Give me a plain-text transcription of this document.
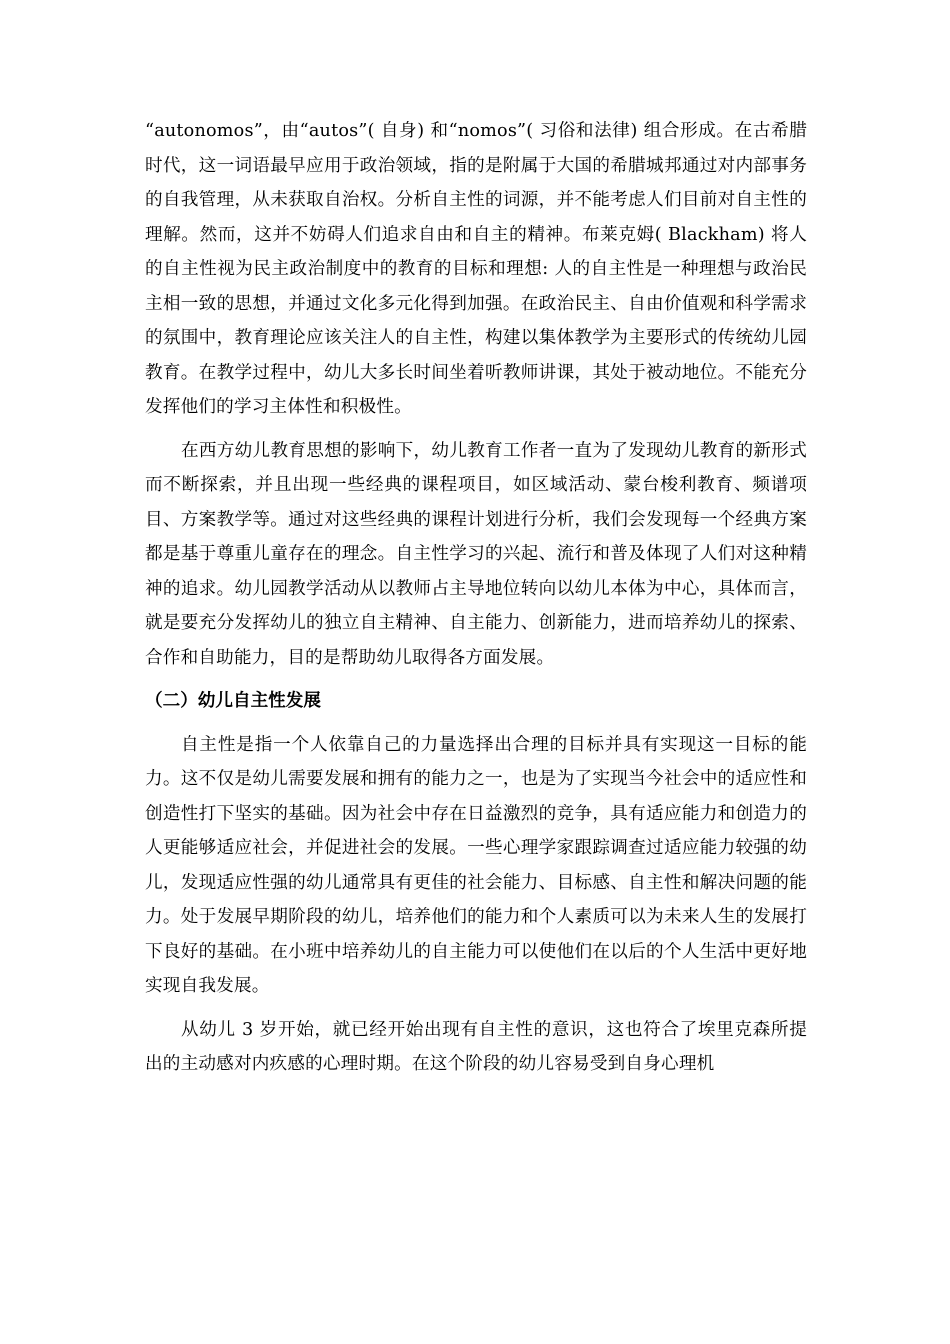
“autonomos”，由“autos”( 自身) 和“nomos”( 习俗和法律) 组合形成。在古希腊时代，这一词语最早应用于政治领域，指的是附属于大国的希腊城邦通过对内部事务的自我管理，从未获取自治权。分析自主性的词源，并不能考虑人们目前对自主性的理解。然而，这并不妨碍人们追求自由和自主的精神。布莱克姆( Blackham) 将人的自主性视为民主政治制度中的教育的目标和理想: 人的自主性是一种理想与政治民主相一致的思想，并通过文化多元化得到加强。在政治民主、自由价值观和科学需求的氛围中，教育理论应该关注人的自主性，构建以集体教学为主要形式的传统幼儿园教育。在教学过程中，幼儿大多长时间坐着听教师讲课，其处于被动地位。不能充分发挥他们的学习主体性和积极性。

在西方幼儿教育思想的影响下，幼儿教育工作者一直为了发现幼儿教育的新形式而不断探索，并且出现一些经典的课程项目，如区域活动、蒙台梭利教育、频谱项目、方案教学等。通过对这些经典的课程计划进行分析，我们会发现每一个经典方案都是基于尊重儿童存在的理念。自主性学习的兴起、流行和普及体现了人们对这种精神的追求。幼儿园教学活动从以教师占主导地位转向以幼儿本体为中心，具体而言，就是要充分发挥幼儿的独立自主精神、自主能力、创新能力，进而培养幼儿的探索、合作和自助能力，目的是帮助幼儿取得各方面发展。

（二）幼儿自主性发展

自主性是指一个人依靠自己的力量选择出合理的目标并具有实现这一目标的能力。这不仅是幼儿需要发展和拥有的能力之一，也是为了实现当今社会中的适应性和创造性打下坚实的基础。因为社会中存在日益激烈的竞争，具有适应能力和创造力的人更能够适应社会，并促进社会的发展。一些心理学家跟踪调查过适应能力较强的幼儿，发现适应性强的幼儿通常具有更佳的社会能力、目标感、自主性和解决问题的能力。处于发展早期阶段的幼儿，培养他们的能力和个人素质可以为未来人生的发展打下良好的基础。在小班中培养幼儿的自主能力可以使他们在以后的个人生活中更好地实现自我发展。

从幼儿 3 岁开始，就已经开始出现有自主性的意识，这也符合了埃里克森所提出的主动感对内疚感的心理时期。在这个阶段的幼儿容易受到自身心理机
